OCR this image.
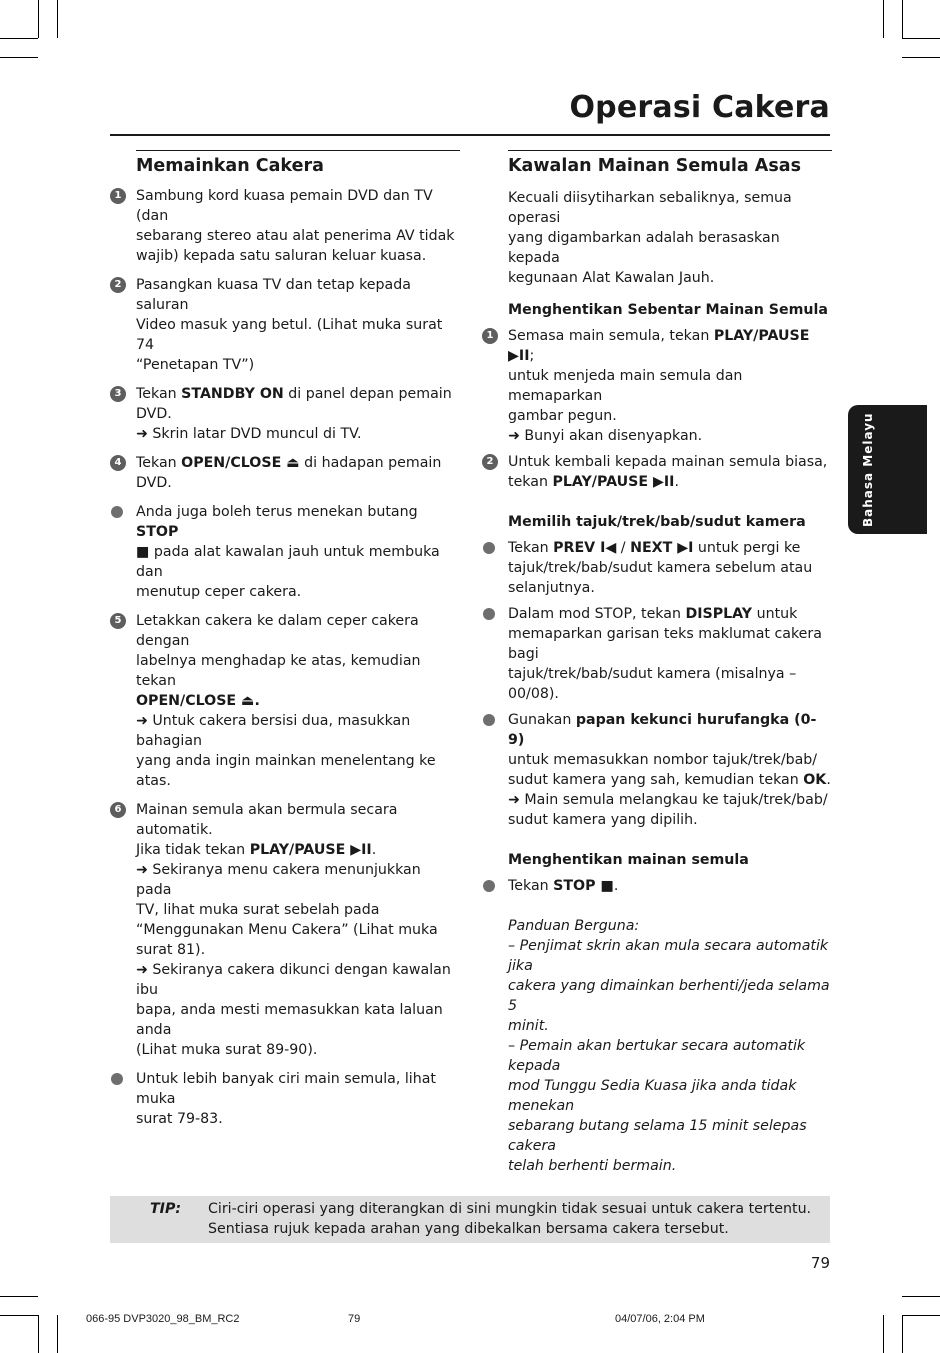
Operasi Cakera
Memainkan Cakera
1	Sambung kord kuasa pemain DVD dan TV (dan
sebarang stereo atau alat penerima AV tidak
wajib) kepada satu saluran keluar kuasa.
2	Pasangkan kuasa TV dan tetap kepada saluran
Video masuk yang betul. (Lihat muka surat 74
“Penetapan TV”)
3	Tekan STANDBY ON di panel depan pemain
DVD.
➜ Skrin latar DVD muncul di TV.
4	Tekan OPEN/CLOSE ⏏ di hadapan pemain
DVD.
Anda juga boleh terus menekan butang STOP
■ pada alat kawalan jauh untuk membuka dan
menutup ceper cakera.
5	Letakkan cakera ke dalam ceper cakera dengan
labelnya menghadap ke atas, kemudian tekan
OPEN/CLOSE ⏏.
➜ Untuk cakera bersisi dua, masukkan bahagian
yang anda ingin mainkan menelentang ke atas.
6	Mainan semula akan bermula secara automatik.
Jika tidak tekan PLAY/PAUSE ▶II.
➜ Sekiranya menu cakera menunjukkan pada
TV, lihat muka surat sebelah pada
“Menggunakan Menu Cakera” (Lihat muka
surat 81).
➜ Sekiranya cakera dikunci dengan kawalan ibu
bapa, anda mesti memasukkan kata laluan anda
(Lihat muka surat 89-90).
Untuk lebih banyak ciri main semula, lihat muka
surat 79-83.
Kawalan Mainan Semula Asas
Kecuali diisytiharkan sebaliknya, semua operasi
yang digambarkan adalah berasaskan kepada
kegunaan Alat Kawalan Jauh.
Menghentikan Sebentar Mainan Semula
1	Semasa main semula, tekan PLAY/PAUSE ▶II;
untuk menjeda main semula dan memaparkan
gambar pegun.
➜ Bunyi akan disenyapkan.
2	Untuk kembali kepada mainan semula biasa,
tekan PLAY/PAUSE ▶II.
Memilih tajuk/trek/bab/sudut kamera
Tekan PREV I◀ / NEXT ▶I untuk pergi ke
tajuk/trek/bab/sudut kamera sebelum atau
selanjutnya.
Dalam mod STOP, tekan DISPLAY untuk
memaparkan garisan teks maklumat cakera bagi
tajuk/trek/bab/sudut kamera (misalnya – 00/08).
Gunakan papan kekunci hurufangka (0-9)
untuk memasukkan nombor tajuk/trek/bab/
sudut kamera yang sah, kemudian tekan OK.
➜ Main semula melangkau ke tajuk/trek/bab/
sudut kamera yang dipilih.
Menghentikan mainan semula
Tekan STOP ■.
Panduan Berguna:
– Penjimat skrin akan mula secara automatik jika
cakera yang dimainkan berhenti/jeda selama 5
minit.
– Pemain akan bertukar secara automatik kepada
mod Tunggu Sedia Kuasa jika anda tidak menekan
sebarang butang selama 15 minit selepas cakera
telah berhenti bermain.
Bahasa Melayu
TIP: Ciri-ciri operasi yang diterangkan di sini mungkin tidak sesuai untuk cakera tertentu.
Sentiasa rujuk kepada arahan yang dibekalkan bersama cakera tersebut.
79
066-95 DVP3020_98_BM_RC2	79	04/07/06, 2:04 PM
